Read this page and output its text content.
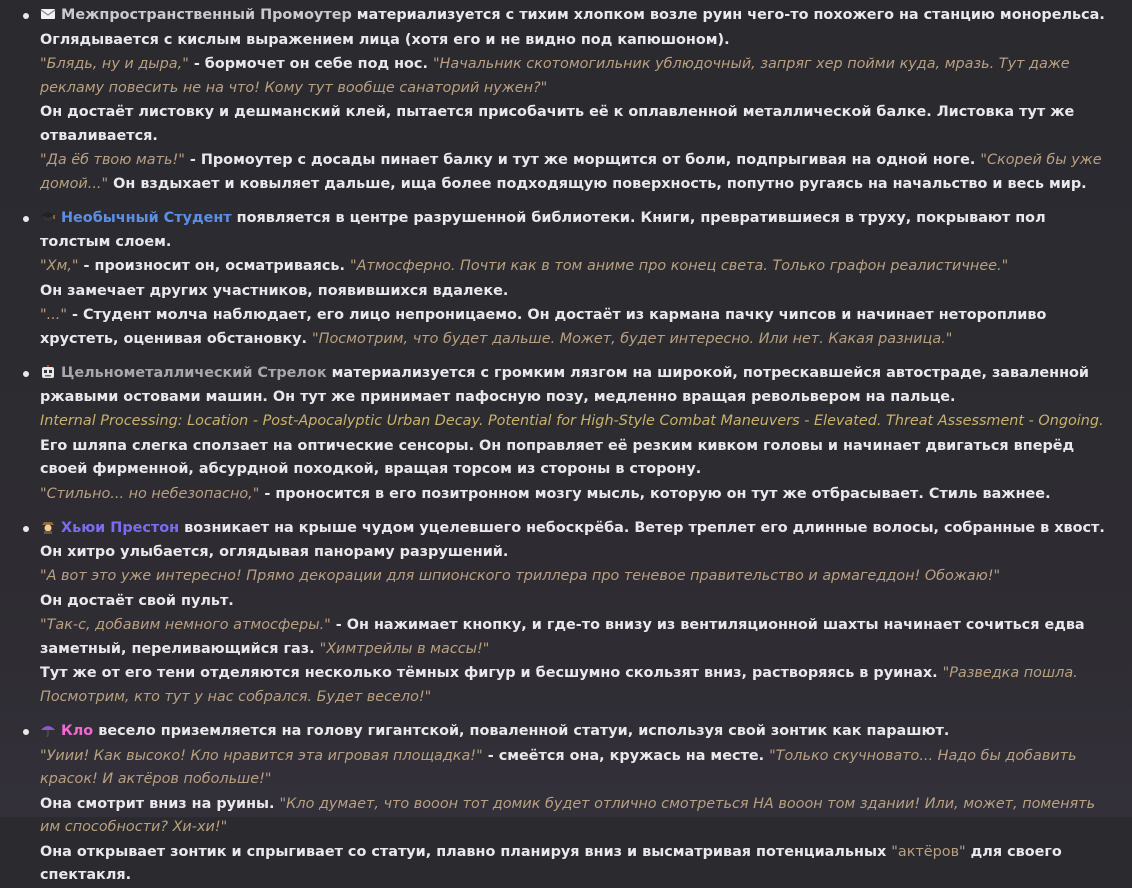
Межпространственный Промоутер материализуется с тихим хлопком возле руин чего-то похожего на станцию монорельса.

Оглядывается с кислым выражением лица (хотя его и не видно под капюшоном).

"Блядь, ну и дыра," - бормочет он себе под нос. "Начальник скотомогильник ублюдочный, запряг хер пойми куда, мразь. Тут даже рекламу повесить не на что! Кому тут вообще санаторий нужен?"

Он достаёт листовку и дешманский клей, пытается присобачить её к оплавленной металлической балке. Листовка тут же отваливается.

"Да ёб твою мать!" - Промоутер с досады пинает балку и тут же морщится от боли, подпрыгивая на одной ноге. "Скорей бы уже домой..." Он вздыхает и ковыляет дальше, ища более подходящую поверхность, попутно ругаясь на начальство и весь мир.

Необычный Студент появляется в центре разрушенной библиотеки. Книги, превратившиеся в труху, покрывают пол толстым слоем.

"Хм," - произносит он, осматриваясь. "Атмосферно. Почти как в том аниме про конец света. Только графон реалистичнее."

Он замечает других участников, появившихся вдалеке.

"..." - Студент молча наблюдает, его лицо непроницаемо. Он достаёт из кармана пачку чипсов и начинает неторопливо хрустеть, оценивая обстановку. "Посмотрим, что будет дальше. Может, будет интересно. Или нет. Какая разница."

Цельнометаллический Стрелок материализуется с громким лязгом на широкой, потрескавшейся автостраде, заваленной ржавыми остовами машин. Он тут же принимает пафосную позу, медленно вращая револьвером на пальце.

Internal Processing: Location - Post-Apocalyptic Urban Decay. Potential for High-Style Combat Maneuvers - Elevated. Threat Assessment - Ongoing.

Его шляпа слегка сползает на оптические сенсоры. Он поправляет её резким кивком головы и начинает двигаться вперёд своей фирменной, абсурдной походкой, вращая торсом из стороны в сторону.

"Стильно... но небезопасно," - проносится в его позитронном мозгу мысль, которую он тут же отбрасывает. Стиль важнее.

Хьюи Престон возникает на крыше чудом уцелевшего небоскрёба. Ветер треплет его длинные волосы, собранные в хвост. Он хитро улыбается, оглядывая панораму разрушений.

"А вот это уже интересно! Прямо декорации для шпионского триллера про теневое правительство и армагеддон! Обожаю!"

Он достаёт свой пульт.

"Так-с, добавим немного атмосферы." - Он нажимает кнопку, и где-то внизу из вентиляционной шахты начинает сочиться едва заметный, переливающийся газ. "Химтрейлы в массы!"

Тут же от его тени отделяются несколько тёмных фигур и бесшумно скользят вниз, растворяясь в руинах. "Разведка пошла. Посмотрим, кто тут у нас собрался. Будет весело!"

Кло весело приземляется на голову гигантской, поваленной статуи, используя свой зонтик как парашют.

"Уиии! Как высоко! Кло нравится эта игровая площадка!" - смеётся она, кружась на месте. "Только скучновато... Надо бы добавить красок! И актёров побольше!"

Она смотрит вниз на руины. "Кло думает, что вооон тот домик будет отлично смотреться НА вооон том здании! Или, может, поменять им способности? Хи-хи!"

Она открывает зонтик и спрыгивает со статуи, плавно планируя вниз и высматривая потенциальных "актёров" для своего спектакля.
